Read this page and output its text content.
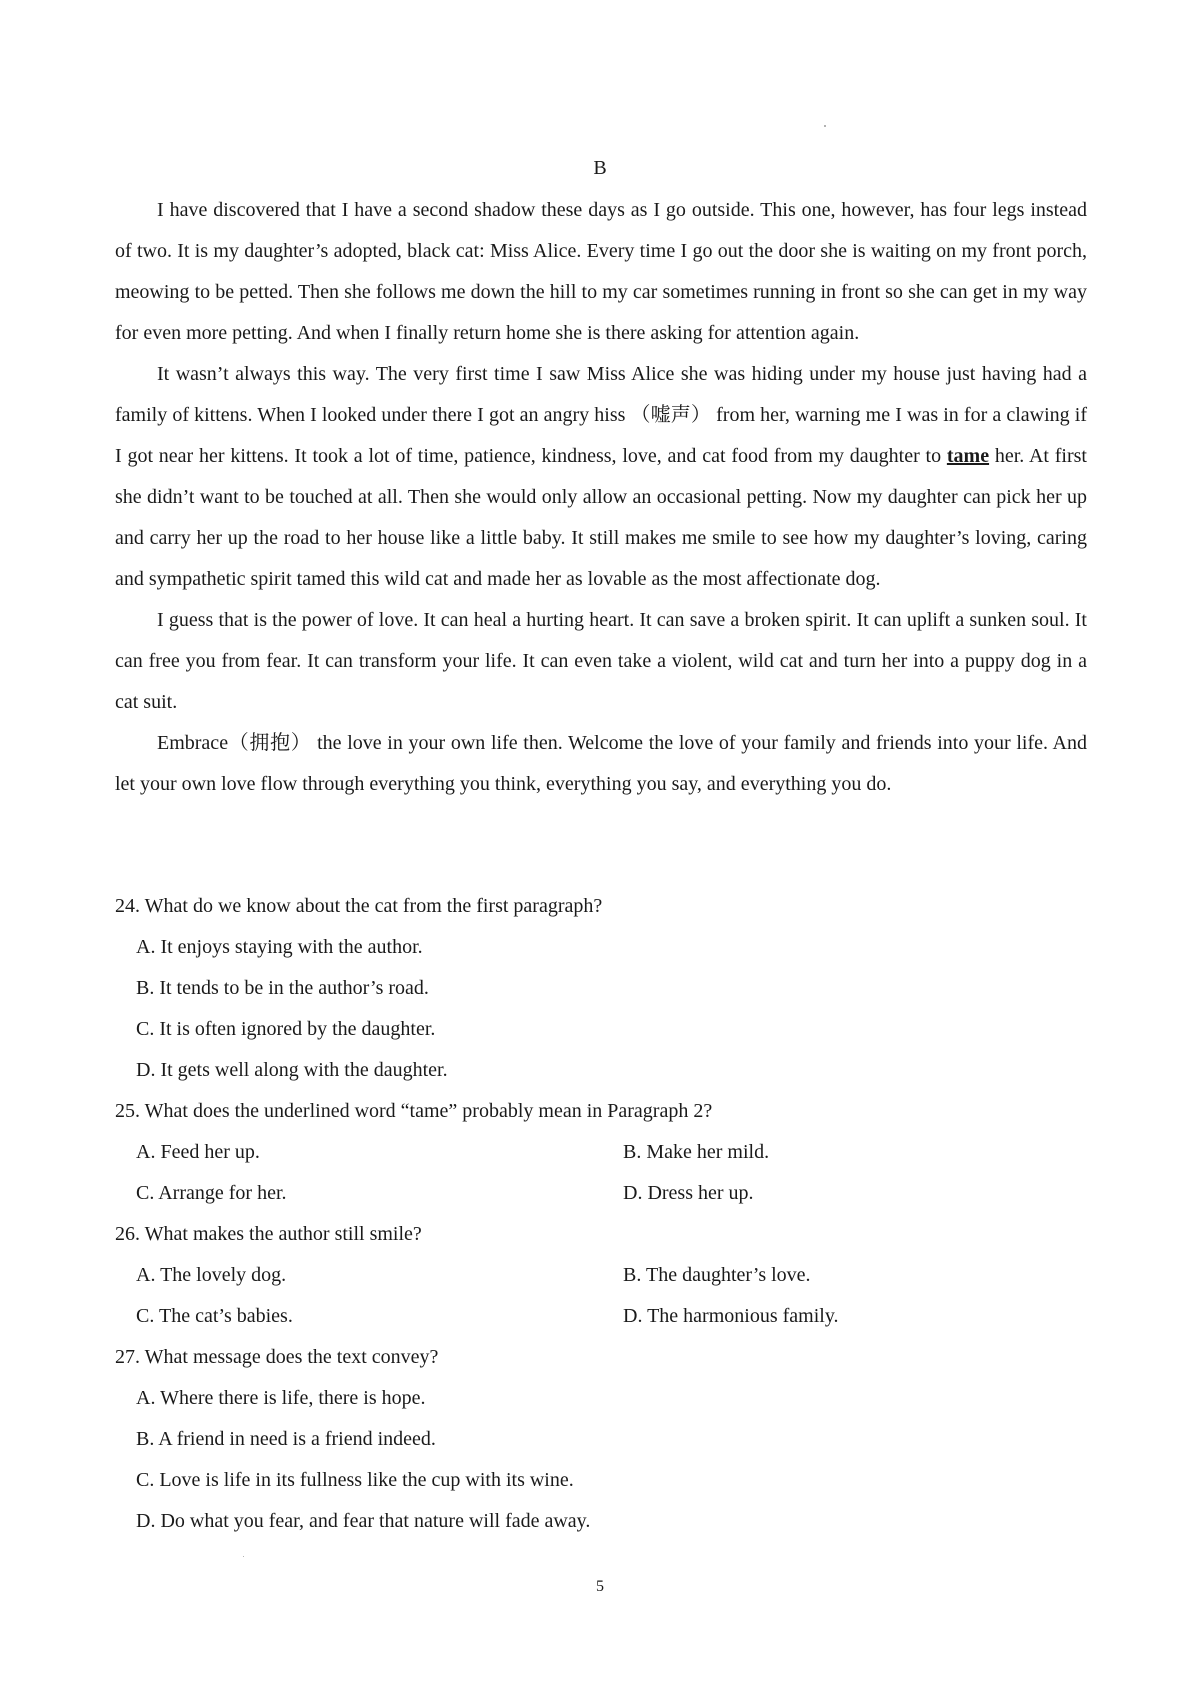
B

I have discovered that I have a second shadow these days as I go outside. This one, however, has four legs instead of two. It is my daughter’s adopted, black cat: Miss Alice. Every time I go out the door she is waiting on my front porch, meowing to be petted. Then she follows me down the hill to my car sometimes running in front so she can get in my way for even more petting. And when I finally return home she is there asking for attention again.

It wasn’t always this way. The very first time I saw Miss Alice she was hiding under my house just having had a family of kittens. When I looked under there I got an angry hiss （嘘声） from her, warning me I was in for a clawing if I got near her kittens. It took a lot of time, patience, kindness, love, and cat food from my daughter to tame her. At first she didn’t want to be touched at all. Then she would only allow an occasional petting. Now my daughter can pick her up and carry her up the road to her house like a little baby. It still makes me smile to see how my daughter’s loving, caring and sympathetic spirit tamed this wild cat and made her as lovable as the most affectionate dog.

I guess that is the power of love. It can heal a hurting heart. It can save a broken spirit. It can uplift a sunken soul. It can free you from fear. It can transform your life. It can even take a violent, wild cat and turn her into a puppy dog in a cat suit.

Embrace（拥抱） the love in your own life then. Welcome the love of your family and friends into your life. And let your own love flow through everything you think, everything you say, and everything you do.

24. What do we know about the cat from the first paragraph?

A. It enjoys staying with the author.

B. It tends to be in the author’s road.

C. It is often ignored by the daughter.

D. It gets well along with the daughter.

25. What does the underlined word “tame” probably mean in Paragraph 2?

A. Feed her up.	B. Make her mild.

C. Arrange for her.	D. Dress her up.

26. What makes the author still smile?

A. The lovely dog.	B. The daughter’s love.

C. The cat’s babies.	D. The harmonious family.

27. What message does the text convey?

A. Where there is life, there is hope.

B. A friend in need is a friend indeed.

C. Love is life in its fullness like the cup with its wine.

D. Do what you fear, and fear that nature will fade away.

5
